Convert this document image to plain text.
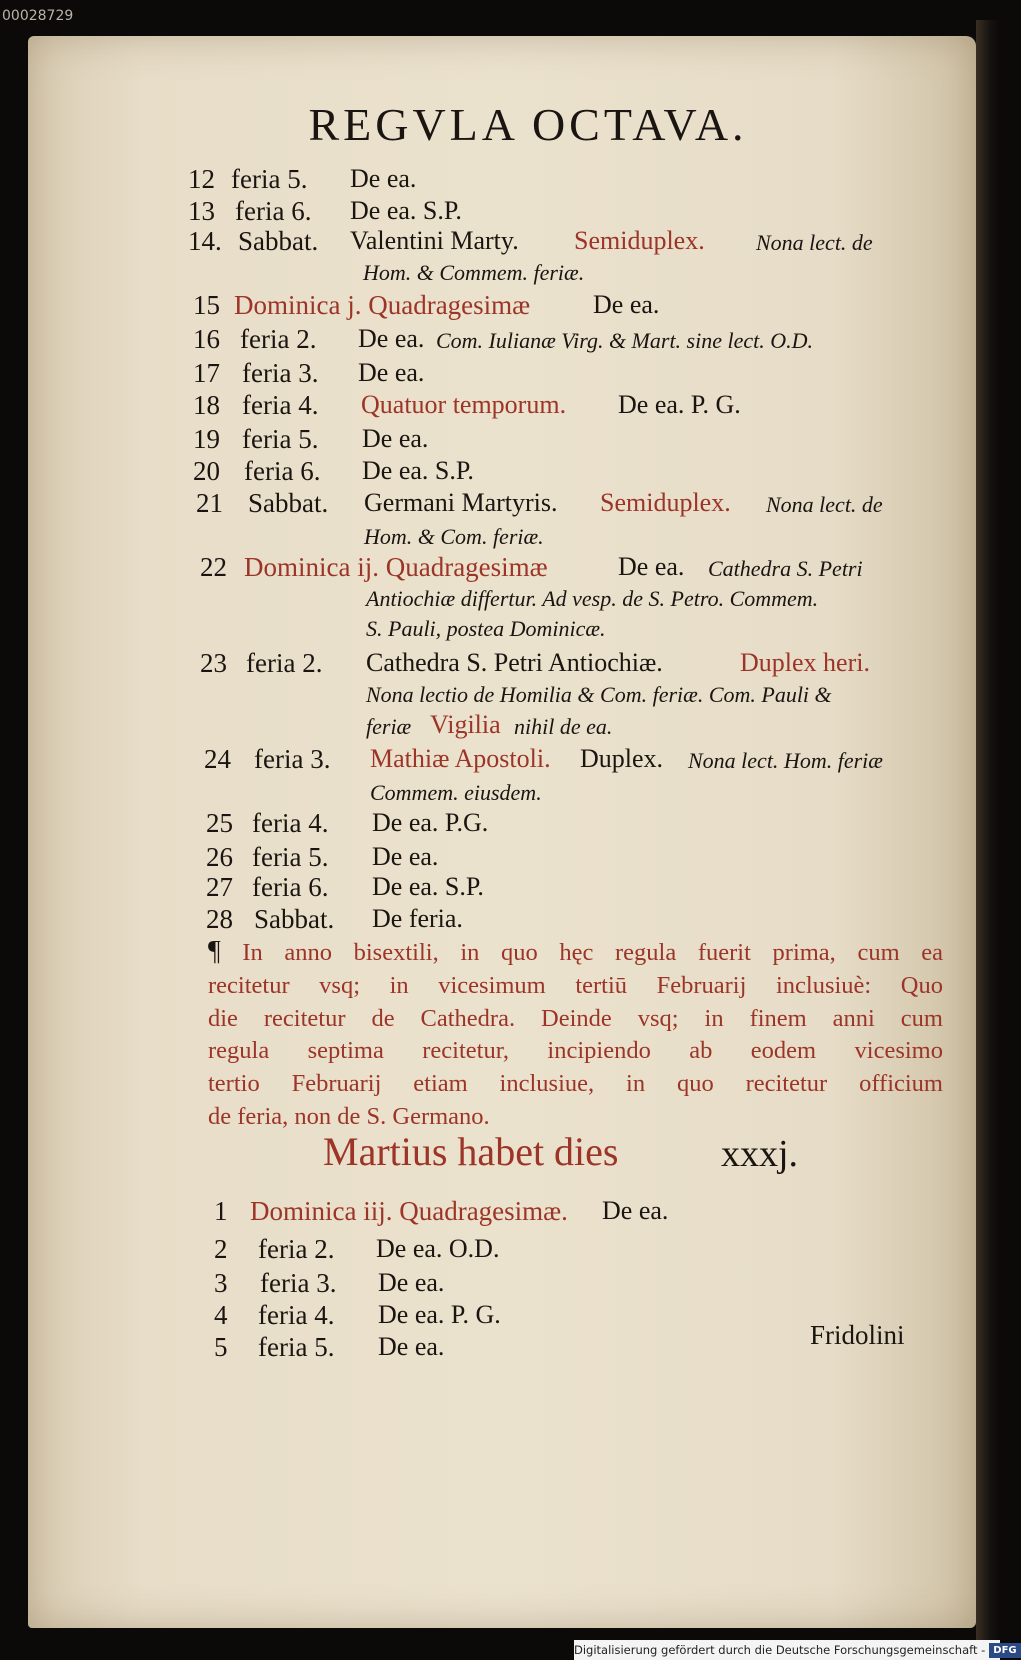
00028729
REGVLA OCTAVA.
12 feria 5. De ea.
13 feria 6. De ea. S.P.
14. Sabbat. Valentini Marty. Semiduplex. Nona lect. de
Hom. & Commem. feriæ.
15 Dominica j. Quadragesimæ De ea.
16 feria 2. De ea. Com. Iulianæ Virg. & Mart. sine lect. O.D.
17 feria 3. De ea.
18 feria 4. Quatuor temporum. De ea. P. G.
19 feria 5. De ea.
20 feria 6. De ea. S.P.
21 Sabbat. Germani Martyris. Semiduplex. Nona lect. de
Hom. & Com. feriæ.
22 Dominica ij. Quadragesimæ	De ea. Cathedra S. Petri
Antiochiæ differtur. Ad vesp. de S. Petro. Commem.
S. Pauli, postea Dominicæ.
23 feria 2. Cathedra S. Petri Antiochiæ.	Duplex heri.
Nona lectio de Homilia & Com. feriæ. Com. Pauli &
feriæ Vigilia nihil de ea.
24 feria 3. Mathiæ Apostoli. Duplex. Nona lect. Hom. feriæ
Commem. eiusdem.
25 feria 4. De ea. P.G.
26 feria 5. De ea.
27 feria 6. De ea. S.P.
28 Sabbat. De feria.
¶ In anno bisextili, in quo hęc regula fuerit prima, cum ea
recitetur vsq; in vicesimum tertiū Februarij inclusiuè: Quo
die recitetur de Cathedra. Deinde vsq; in finem anni cum
regula septima recitetur, incipiendo ab eodem vicesimo
tertio Februarij etiam inclusiue, in quo recitetur officium
de feria, non de S. Germano.
Martius habet dies	xxxj.
1 Dominica iij. Quadragesimæ. De ea.
2 feria 2. De ea. O.D.
3 feria 3. De ea.
4 feria 4. De ea. P. G.
5 feria 5. De ea.	Fridolini
Digitalisierung gefördert durch die Deutsche Forschungsgemeinschaft - DFG
